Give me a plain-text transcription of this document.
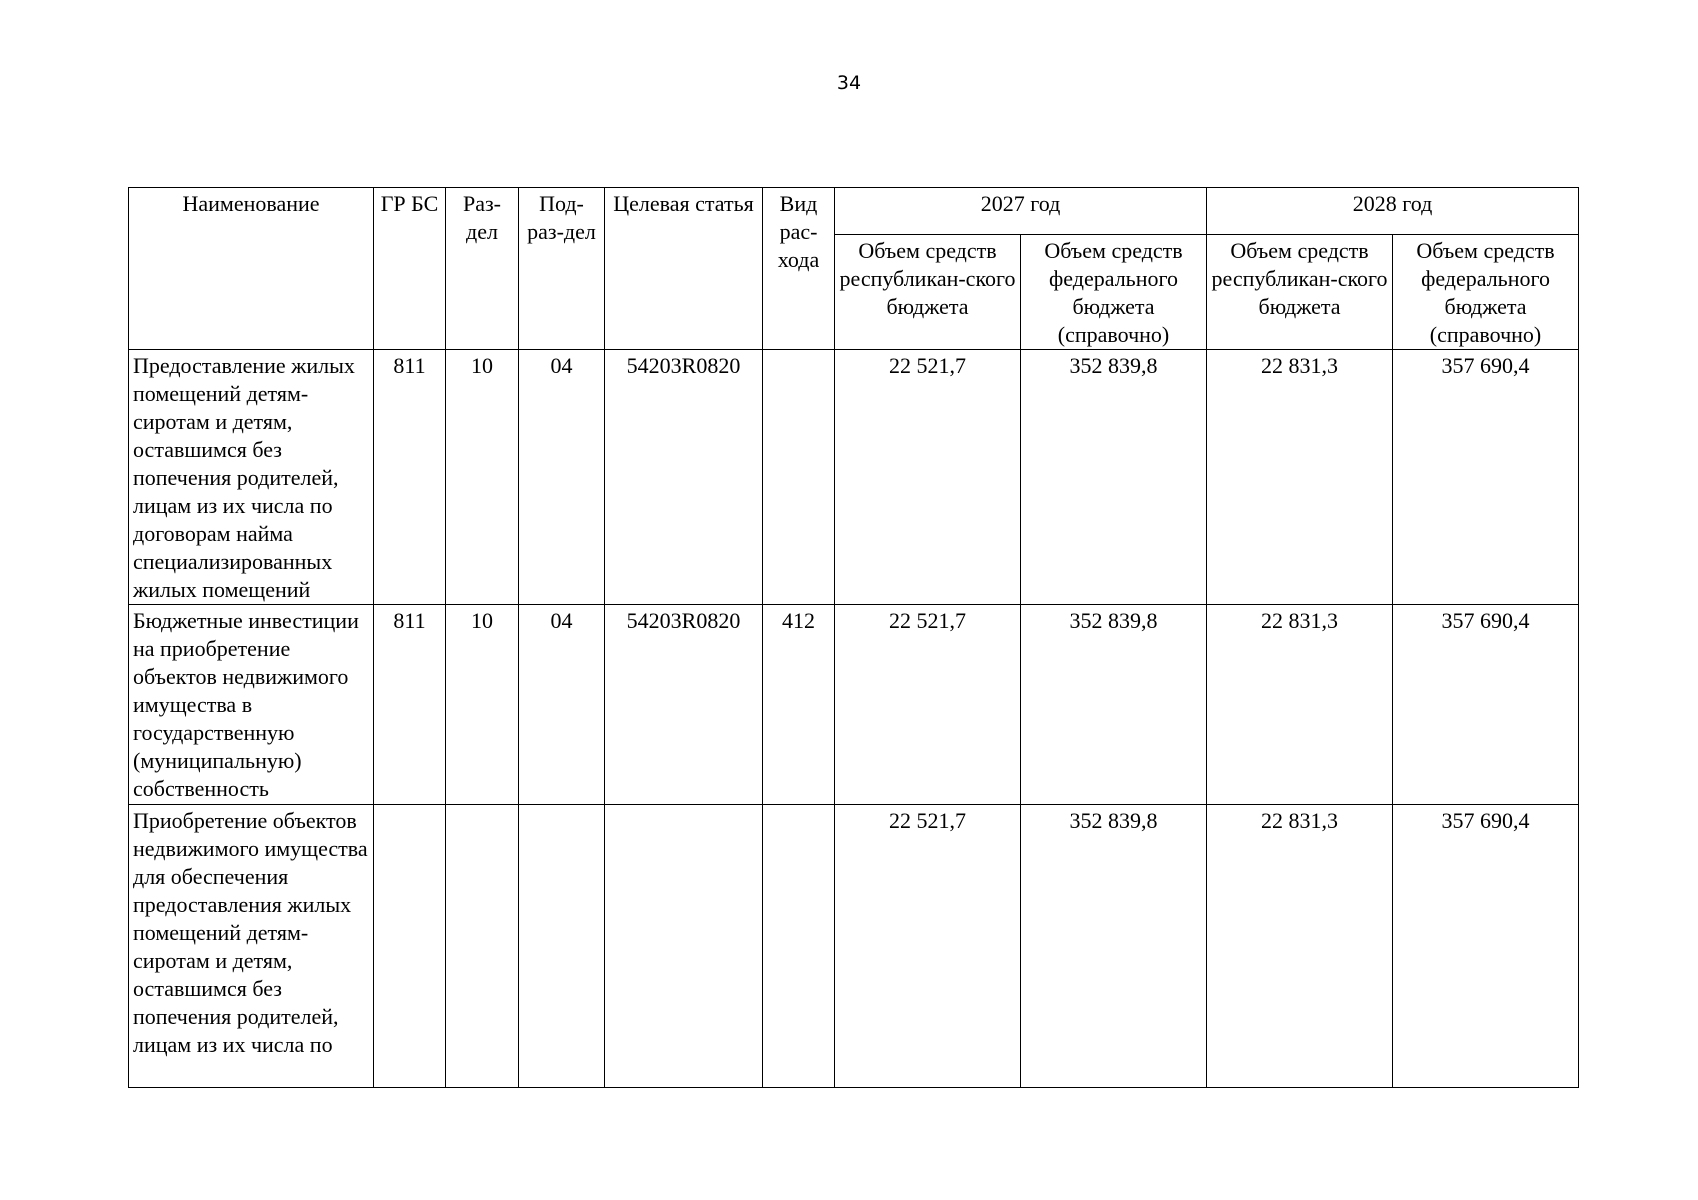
34
Наименование	ГР БС	Раз-дел	Под-раз-дел	Целевая статья	Вид рас-хода	2027 год		2028 год	
						Объем средств республикан-ского бюджета	Объем средств федерального бюджета (справочно)	Объем средств республикан-ского бюджета	Объем средств федерального бюджета (справочно)
Предоставление жилых помещений детям-сиротам и детям, оставшимся без попечения родителей, лицам из их числа по договорам найма специализированных жилых помещений	811	10	04	54203R0820		22 521,7	352 839,8	22 831,3	357 690,4
Бюджетные инвестиции на приобретение объектов недвижимого имущества в государственную (муниципальную) собственность	811	10	04	54203R0820	412	22 521,7	352 839,8	22 831,3	357 690,4
Приобретение объектов недвижимого имущества для обеспечения предоставления жилых помещений детям-сиротам и детям, оставшимся без попечения родителей, лицам из их числа по						22 521,7	352 839,8	22 831,3	357 690,4
